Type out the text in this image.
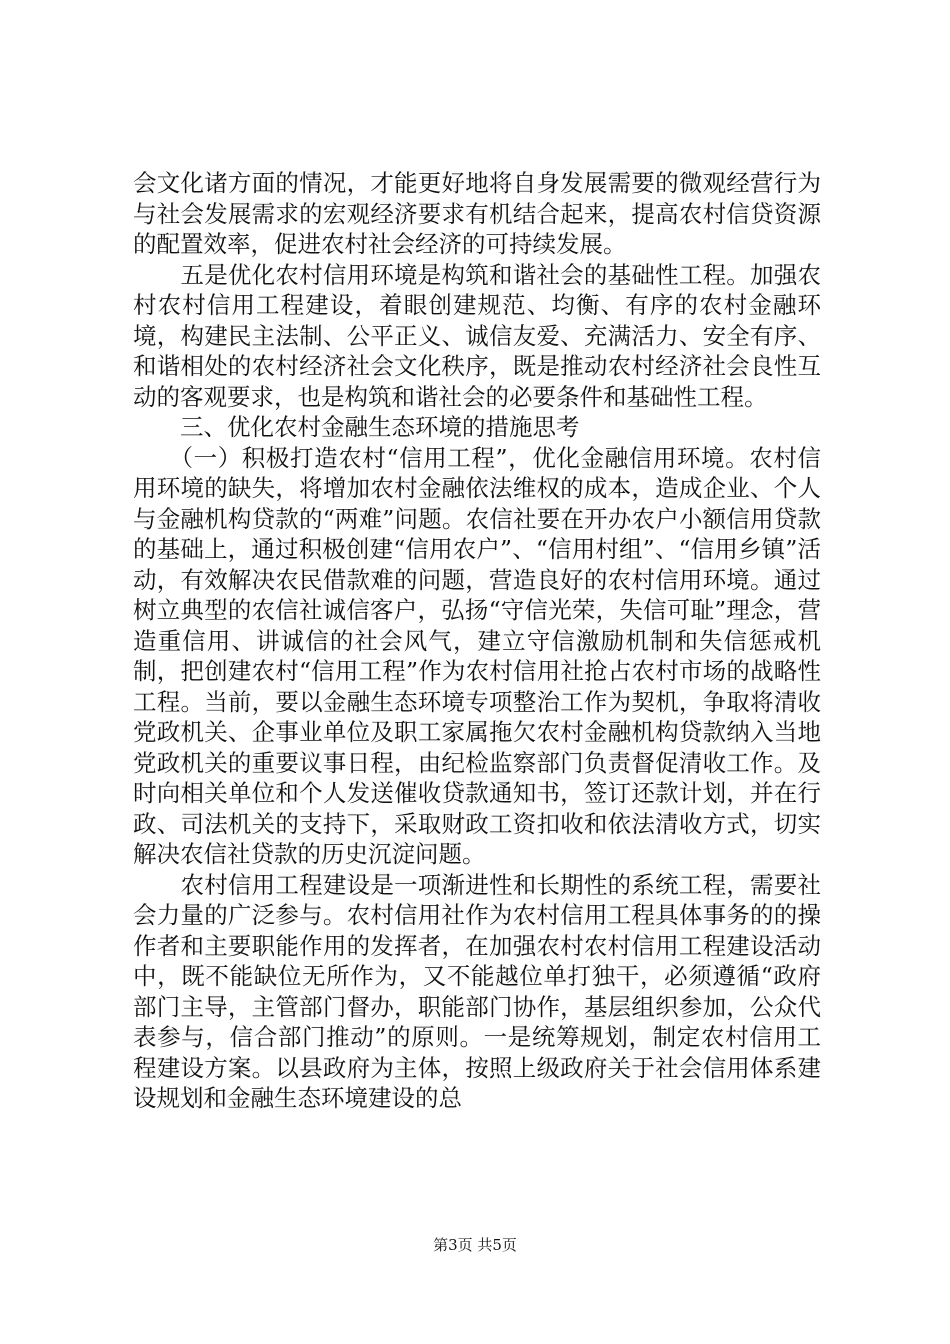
会文化诸方面的情况，才能更好地将自身发展需要的微观经营行为与社会发展需求的宏观经济要求有机结合起来，提高农村信贷资源的配置效率，促进农村社会经济的可持续发展。

　　五是优化农村信用环境是构筑和谐社会的基础性工程。加强农村农村信用工程建设，着眼创建规范、均衡、有序的农村金融环境，构建民主法制、公平正义、诚信友爱、充满活力、安全有序、和谐相处的农村经济社会文化秩序，既是推动农村经济社会良性互动的客观要求，也是构筑和谐社会的必要条件和基础性工程。

　　三、优化农村金融生态环境的措施思考

　　（一）积极打造农村“信用工程”，优化金融信用环境。农村信用环境的缺失，将增加农村金融依法维权的成本，造成企业、个人与金融机构贷款的“两难”问题。农信社要在开办农户小额信用贷款的基础上，通过积极创建“信用农户”、“信用村组”、“信用乡镇”活动，有效解决农民借款难的问题，营造良好的农村信用环境。通过树立典型的农信社诚信客户，弘扬“守信光荣，失信可耻”理念，营造重信用、讲诚信的社会风气，建立守信激励机制和失信惩戒机制，把创建农村“信用工程”作为农村信用社抢占农村市场的战略性工程。当前，要以金融生态环境专项整治工作为契机，争取将清收党政机关、企事业单位及职工家属拖欠农村金融机构贷款纳入当地党政机关的重要议事日程，由纪检监察部门负责督促清收工作。及时向相关单位和个人发送催收贷款通知书，签订还款计划，并在行政、司法机关的支持下，采取财政工资扣收和依法清收方式，切实解决农信社贷款的历史沉淀问题。

　　农村信用工程建设是一项渐进性和长期性的系统工程，需要社会力量的广泛参与。农村信用社作为农村信用工程具体事务的的操作者和主要职能作用的发挥者，在加强农村农村信用工程建设活动中，既不能缺位无所作为，又不能越位单打独干，必须遵循“政府部门主导，主管部门督办，职能部门协作，基层组织参加，公众代表参与，信合部门推动”的原则。一是统筹规划，制定农村信用工程建设方案。以县政府为主体，按照上级政府关于社会信用体系建设规划和金融生态环境建设的总

第3页 共5页
